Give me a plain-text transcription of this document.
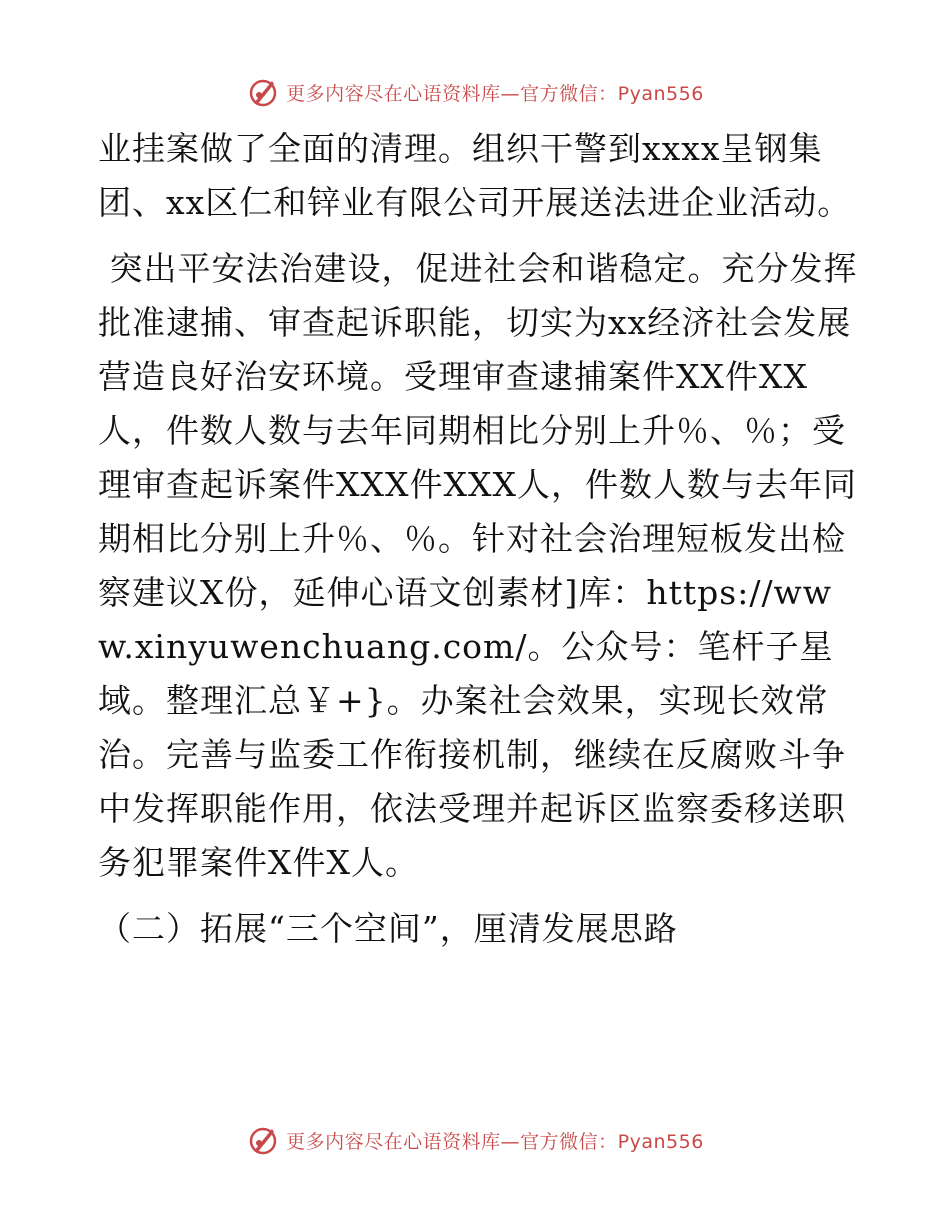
更多内容尽在心语资料库—官方微信：Pyan556

业挂案做了全面的清理。组织干警到xxxx呈钢集团、xx区仁和锌业有限公司开展送法进企业活动。

突出平安法治建设，促进社会和谐稳定。充分发挥批准逮捕、审查起诉职能，切实为xx经济社会发展营造良好治安环境。受理审查逮捕案件XX件XX人，件数人数与去年同期相比分别上升％、％；受理审查起诉案件XXX件XXX人，件数人数与去年同期相比分别上升％、％。针对社会治理短板发出检察建议X份，延伸心语文创素材]库：https://www.xinyuwenchuang.com/。公众号：笔杆子星域。整理汇总￥+}。办案社会效果，实现长效常治。完善与监委工作衔接机制，继续在反腐败斗争中发挥职能作用，依法受理并起诉区监察委移送职务犯罪案件X件X人。

（二）拓展“三个空间”，厘清发展思路

更多内容尽在心语资料库—官方微信：Pyan556
